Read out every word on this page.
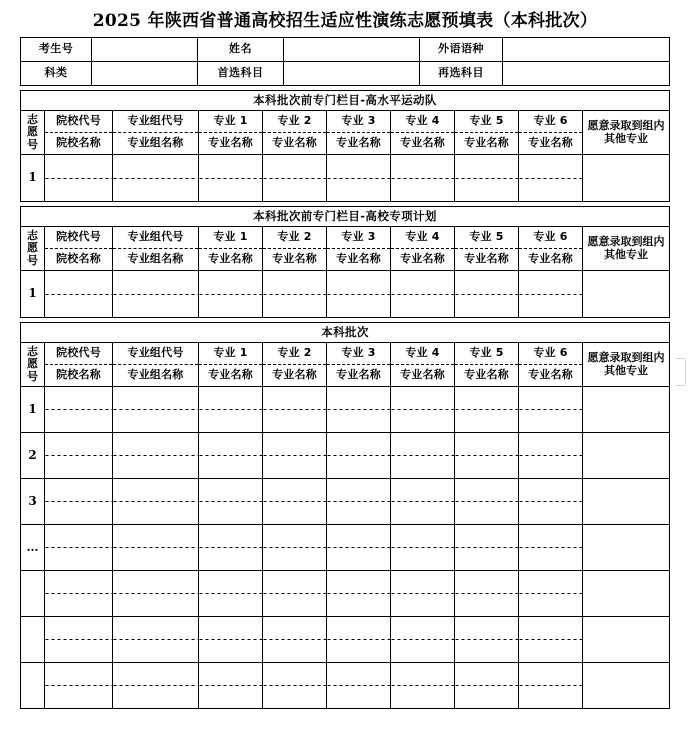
2025 年陕西省普通高校招生适应性演练志愿预填表（本科批次）
考生号		姓名		外语语种	
科类		首选科目		再选科目	
本科批次前专门栏目-高水平运动队									

志
愿
号	院校代号	专业组代号	专业 1	专业 2	专业 3	专业 4	专业 5	专业 6	愿意录取到组内其他专业
	院校名称	专业组名称	专业名称	专业名称	专业名称	专业名称	专业名称	专业名称	
1									
本科批次前专门栏目-高校专项计划									

志
愿
号	院校代号	专业组代号	专业 1	专业 2	专业 3	专业 4	专业 5	专业 6	愿意录取到组内其他专业
	院校名称	专业组名称	专业名称	专业名称	专业名称	专业名称	专业名称	专业名称	
1									
本科批次									

志
愿
号	院校代号	专业组代号	专业 1	专业 2	专业 3	专业 4	专业 5	专业 6	愿意录取到组内其他专业
	院校名称	专业组名称	专业名称	专业名称	专业名称	专业名称	专业名称	专业名称	
1									
2									
3									
…									
